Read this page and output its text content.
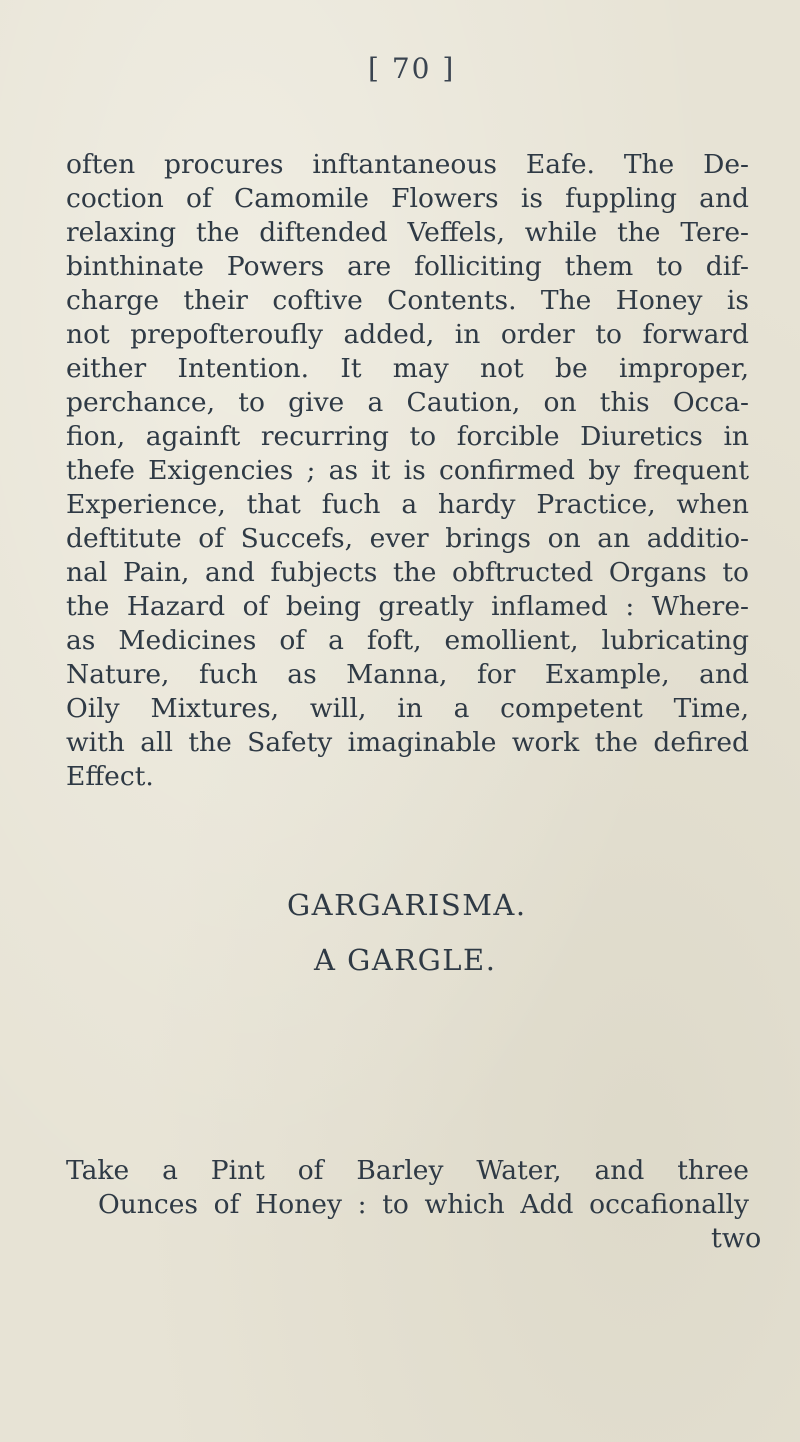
[ 70 ]
often procures inftantaneous Eafe. The De-
coction of Camomile Flowers is fuppling and
relaxing the diftended Veffels, while the Tere-
binthinate Powers are folliciting them to dif-
charge their coftive Contents. The Honey is
not prepofteroufly added, in order to forward
either Intention. It may not be improper,
perchance, to give a Caution, on this Occa-
fion, againft recurring to forcible Diuretics in
thefe Exigencies ; as it is confirmed by frequent
Experience, that fuch a hardy Practice, when
deftitute of Succefs, ever brings on an additio-
nal Pain, and fubjects the obftructed Organs to
the Hazard of being greatly inflamed : Where-
as Medicines of a foft, emollient, lubricating
Nature, fuch as Manna, for Example, and
Oily Mixtures, will, in a competent Time,
with all the Safety imaginable work the defired
Effect.
GARGARISMA.
A GARGLE.
Take a Pint of Barley Water, and three
Ounces of Honey : to which Add occafionally
two
